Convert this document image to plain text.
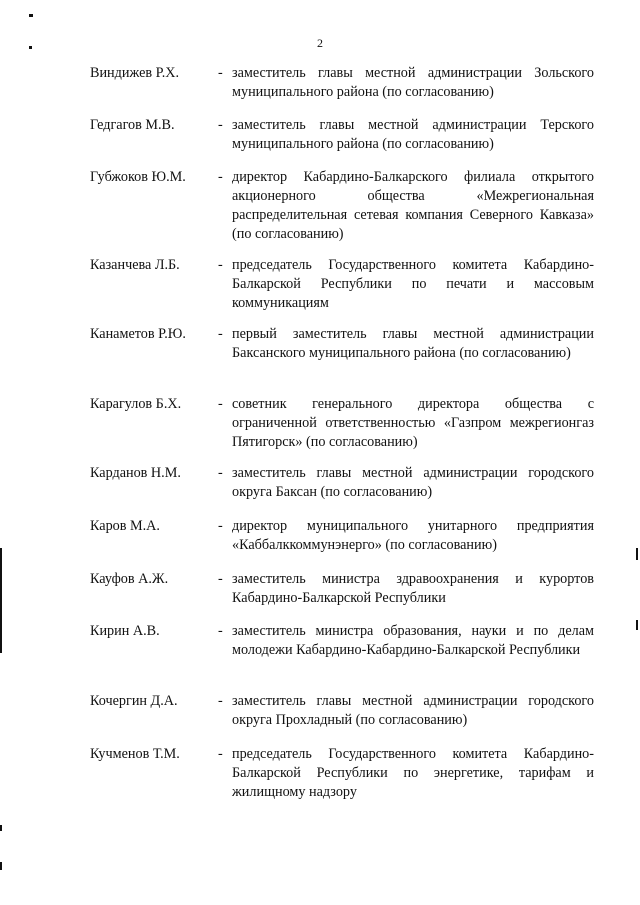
2
Виндижев Р.Х.	- заместитель главы местной администрации Зольского муниципального района (по согласованию)
Гедгагов М.В.	- заместитель главы местной администрации Терского муниципального района (по согласованию)
Губжоков Ю.М.	- директор Кабардино-Балкарского филиала открытого акционерного общества «Межрегиональная распределительная сетевая компания Северного Кавказа» (по согласованию)
Казанчева Л.Б.	- председатель Государственного комитета Кабардино-Балкарской Республики по печати и массовым коммуникациям
Канаметов Р.Ю.	- первый заместитель главы местной администрации Баксанского муниципального района (по согласованию)
Карагулов Б.Х.	- советник генерального директора общества с ограниченной ответственностью «Газпром межрегионгаз Пятигорск» (по согласованию)
Карданов Н.М.	- заместитель главы местной администрации городского округа Баксан (по согласованию)
Каров М.А.	- директор муниципального унитарного предприятия «Каббалккоммунэнерго» (по согласованию)
Кауфов А.Ж.	- заместитель министра здравоохранения и курортов Кабардино-Балкарской Республики
Кирин А.В.	- заместитель министра образования, науки и по делам молодежи Кабардино-Кабардино-Балкарской Республики
Кочергин Д.А.	- заместитель главы местной администрации городского округа Прохладный (по согласованию)
Кучменов Т.М.	- председатель Государственного комитета Кабардино-Балкарской Республики по энергетике, тарифам и жилищному надзору
